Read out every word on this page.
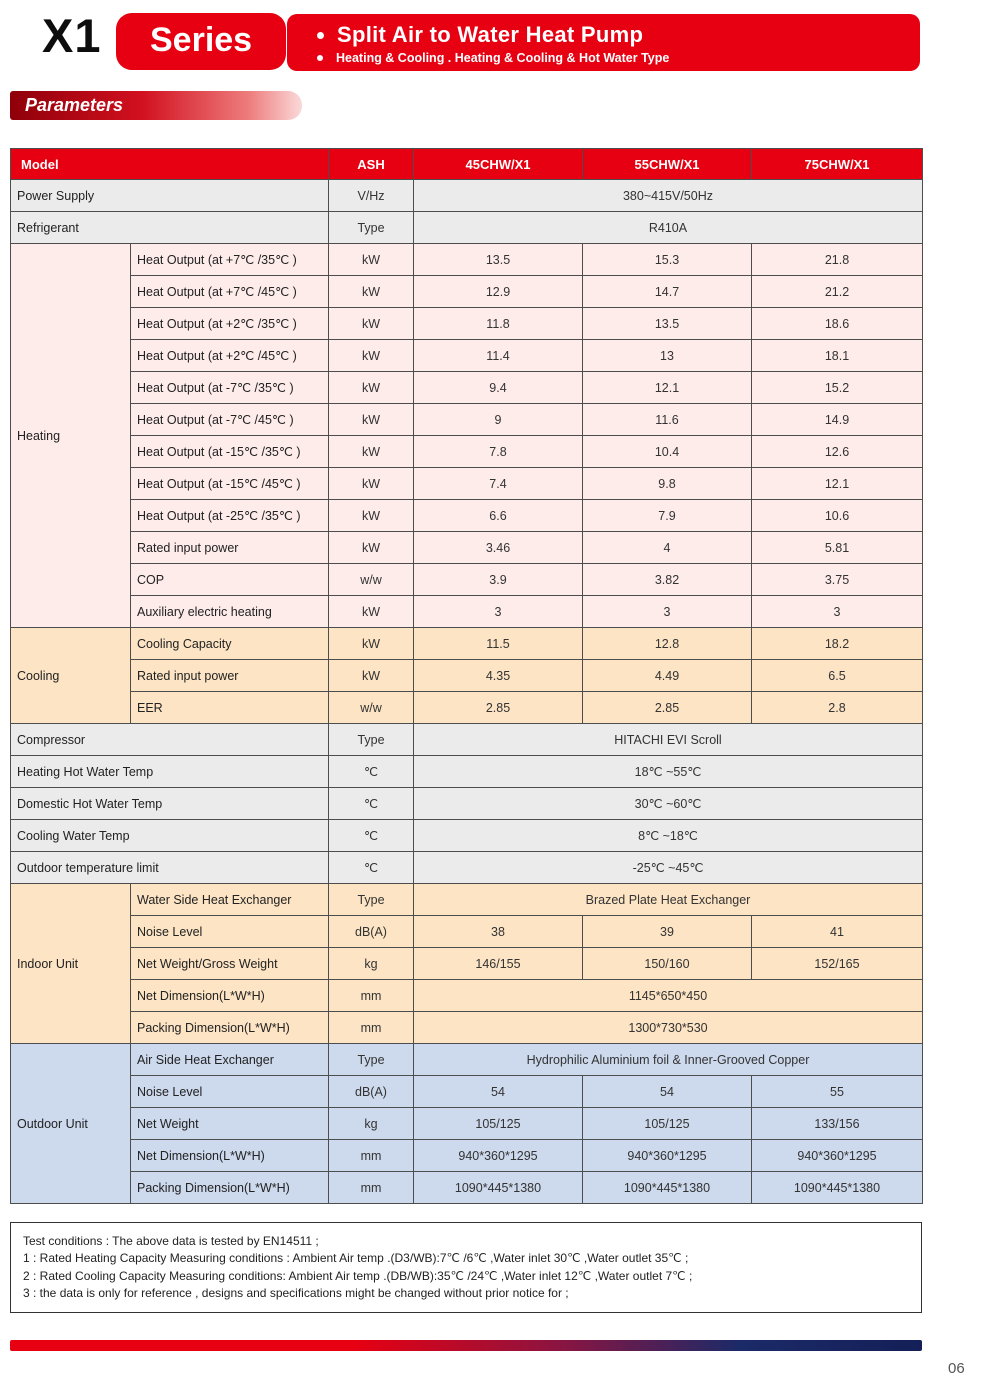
X1	Series	Split Air to Water Heat Pump
Heating & Cooling . Heating & Cooling & Hot Water Type
Parameters
Model		ASH	45CHW/X1	55CHW/X1	75CHW/X1
Power Supply		V/Hz	380~415V/50Hz		
Refrigerant		Type	R410A		
Heating	Heat Output (at +7℃ /35℃ )	kW	13.5	15.3	21.8
	Heat Output (at +7℃ /45℃ )	kW	12.9	14.7	21.2
	Heat Output (at +2℃ /35℃ )	kW	11.8	13.5	18.6
	Heat Output (at +2℃ /45℃ )	kW	11.4	13	18.1
	Heat Output (at -7℃ /35℃ )	kW	9.4	12.1	15.2
	Heat Output (at -7℃ /45℃ )	kW	9	11.6	14.9
	Heat Output (at -15℃ /35℃ )	kW	7.8	10.4	12.6
	Heat Output (at -15℃ /45℃ )	kW	7.4	9.8	12.1
	Heat Output (at -25℃ /35℃ )	kW	6.6	7.9	10.6
	Rated input power	kW	3.46	4	5.81
	COP	w/w	3.9	3.82	3.75
	Auxiliary electric heating	kW	3	3	3
Cooling	Cooling Capacity	kW	11.5	12.8	18.2
	Rated input power	kW	4.35	4.49	6.5
	EER	w/w	2.85	2.85	2.8
Compressor		Type	HITACHI EVI Scroll		
Heating Hot Water Temp		℃	18℃ ~55℃		
Domestic Hot Water Temp		℃	30℃ ~60℃		
Cooling Water Temp		℃	8℃ ~18℃		
Outdoor temperature limit		℃	-25℃ ~45℃		
Indoor Unit	Water Side Heat Exchanger	Type	Brazed Plate Heat Exchanger		
	Noise Level	dB(A)	38	39	41
	Net Weight/Gross Weight	kg	146/155	150/160	152/165
	Net Dimension(L*W*H)	mm	1145*650*450		
	Packing Dimension(L*W*H)	mm	1300*730*530		
Outdoor Unit	Air Side Heat Exchanger	Type	Hydrophilic Aluminium foil & Inner-Grooved Copper		
	Noise Level	dB(A)	54	54	55
	Net Weight	kg	105/125	105/125	133/156
	Net Dimension(L*W*H)	mm	940*360*1295	940*360*1295	940*360*1295
	Packing Dimension(L*W*H)	mm	1090*445*1380	1090*445*1380	1090*445*1380
Test conditions : The above data is tested by EN14511 ;
1 : Rated Heating Capacity Measuring conditions : Ambient Air temp .(D3/WB):7℃ /6℃ ,Water inlet 30℃ ,Water outlet 35℃ ;
2 : Rated Cooling Capacity Measuring conditions: Ambient Air temp .(DB/WB):35℃ /24℃ ,Water inlet 12℃ ,Water outlet 7℃ ;
3 : the data is only for reference , designs and specifications might be changed without prior notice for ;
06
